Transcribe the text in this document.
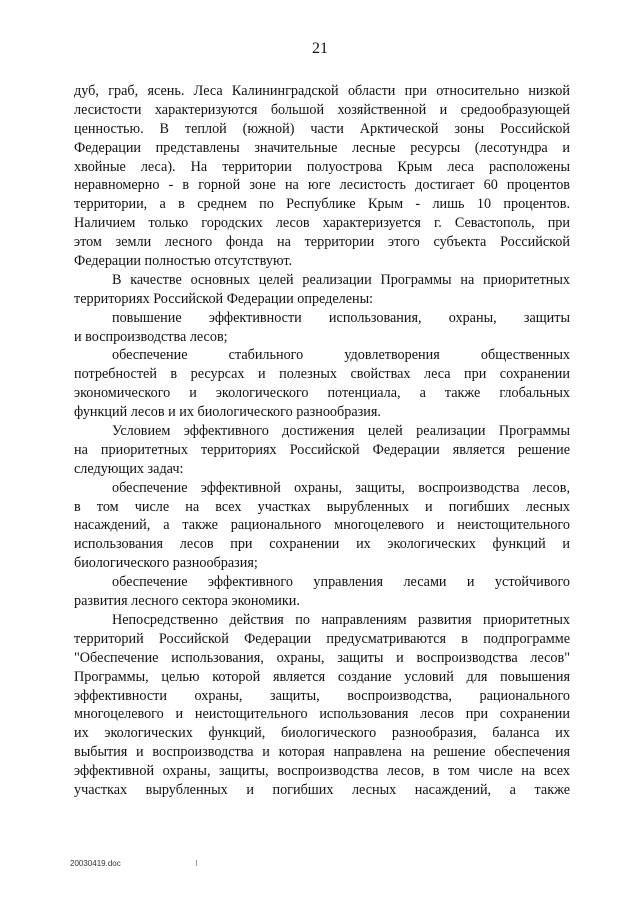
21
дуб, граб, ясень. Леса Калининградской области при относительно низкой
лесистости характеризуются большой хозяйственной и средообразующей
ценностью. В теплой (южной) части Арктической зоны Российской
Федерации представлены значительные лесные ресурсы (лесотундра и
хвойные леса). На территории полуострова Крым леса расположены
неравномерно - в горной зоне на юге лесистость достигает 60 процентов
территории, а в среднем по Республике Крым - лишь 10 процентов.
Наличием только городских лесов характеризуется г. Севастополь, при
этом земли лесного фонда на территории этого субъекта Российской
Федерации полностью отсутствуют.
В качестве основных целей реализации Программы на приоритетных
территориях Российской Федерации определены:
повышение эффективности использования, охраны, защиты
и воспроизводства лесов;
обеспечение стабильного удовлетворения общественных
потребностей в ресурсах и полезных свойствах леса при сохранении
экономического и экологического потенциала, а также глобальных
функций лесов и их биологического разнообразия.
Условием эффективного достижения целей реализации Программы
на приоритетных территориях Российской Федерации является решение
следующих задач:
обеспечение эффективной охраны, защиты, воспроизводства лесов,
в том числе на всех участках вырубленных и погибших лесных
насаждений, а также рационального многоцелевого и неистощительного
использования лесов при сохранении их экологических функций и
биологического разнообразия;
обеспечение эффективного управления лесами и устойчивого
развития лесного сектора экономики.
Непосредственно действия по направлениям развития приоритетных
территорий Российской Федерации предусматриваются в подпрограмме
"Обеспечение использования, охраны, защиты и воспроизводства лесов"
Программы, целью которой является создание условий для повышения
эффективности охраны, защиты, воспроизводства, рационального
многоцелевого и неистощительного использования лесов при сохранении
их экологических функций, биологического разнообразия, баланса их
выбытия и воспроизводства и которая направлена на решение обеспечения
эффективной охраны, защиты, воспроизводства лесов, в том числе на всех
участках вырубленных и погибших лесных насаждений, а также
20030419.doc
